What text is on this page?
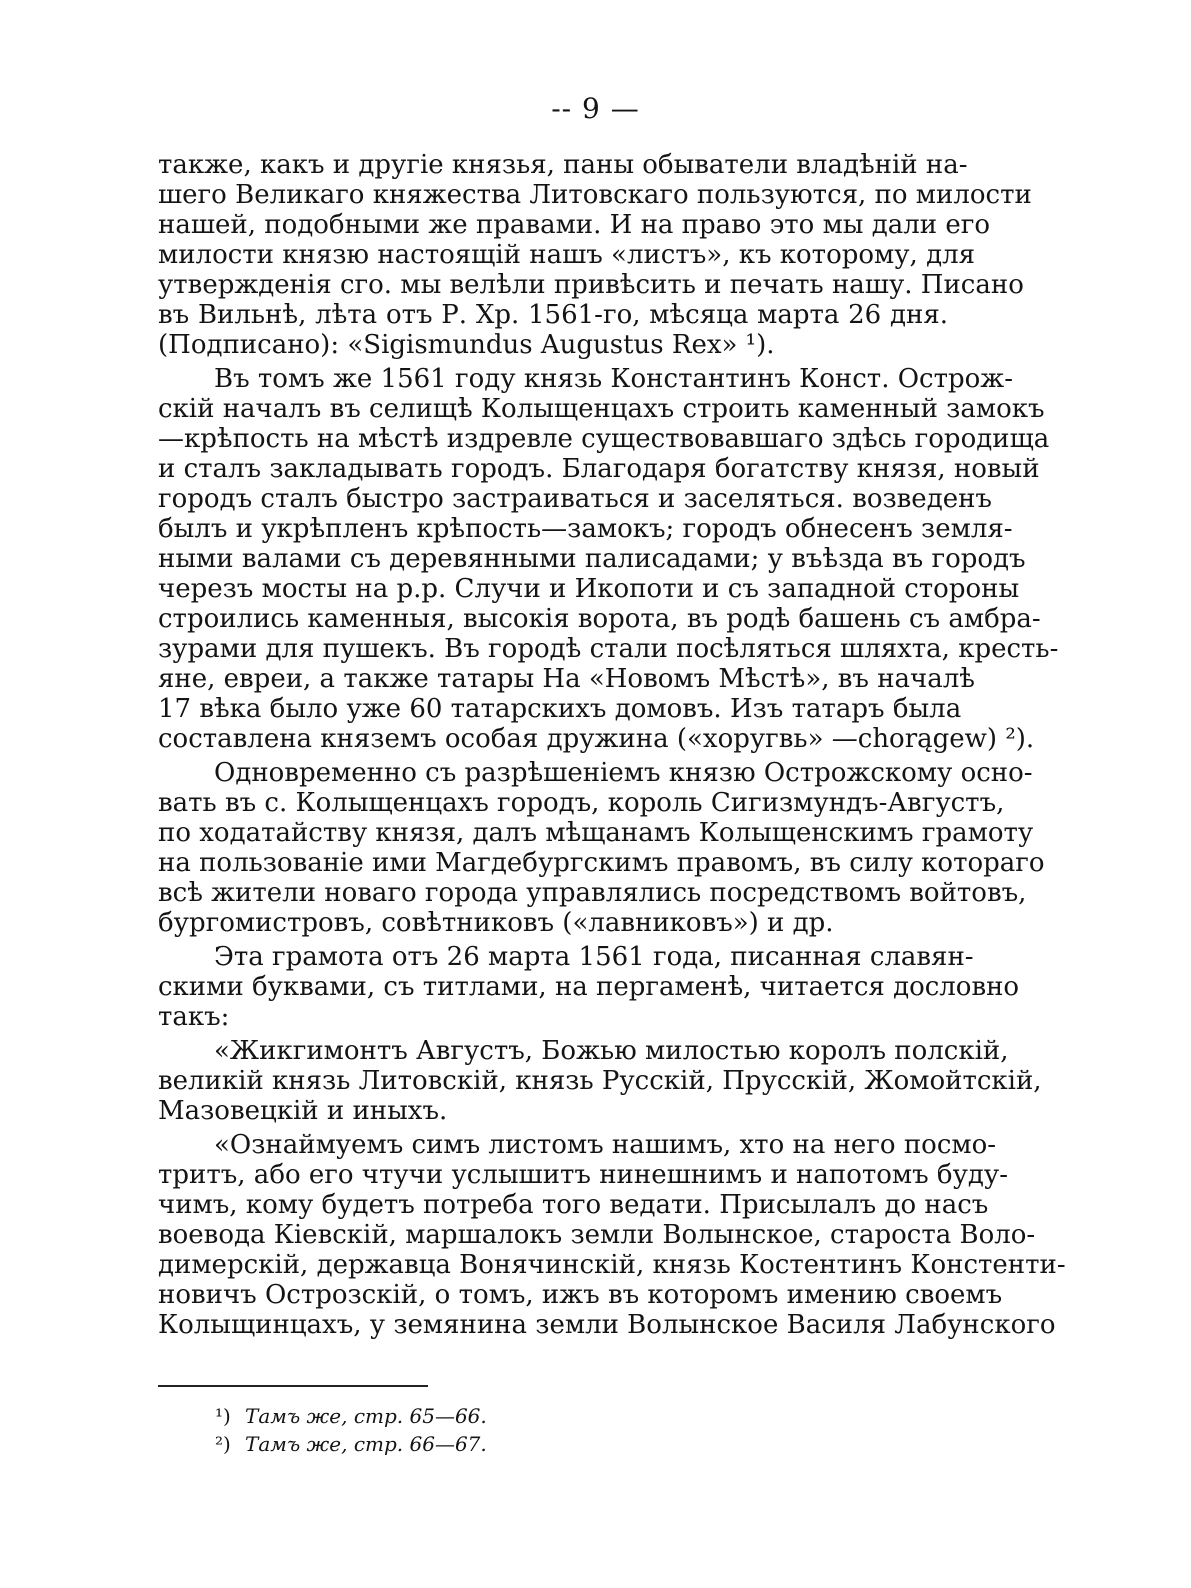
-- 9 —
также, какъ и другіе князья, паны обыватели владѣній на-
шего Великаго княжества Литовскаго пользуются, по милости
нашей, подобными же правами. И на право это мы дали его
милости князю настоящій нашъ «листъ», къ которому, для
утвержденія сго. мы велѣли привѣсить и печать нашу. Писано
въ Вильнѣ, лѣта отъ Р. Хр. 1561-го, мѣсяца марта 26 дня.
(Подписано): «Sigismundus Augustus Rex» ¹).
Въ томъ же 1561 году князь Константинъ Конст. Острож-
скій началъ въ селищѣ Колыщенцахъ строить каменный замокъ
—крѣпость на мѣстѣ издревле существовавшаго здѣсь городища
и сталъ закладывать городъ. Благодаря богатству князя, новый
городъ сталъ быстро застраиваться и заселяться. возведенъ
былъ и укрѣпленъ крѣпость—замокъ; городъ обнесенъ земля-
ными валами съ деревянными палисадами; у въѣзда въ городъ
черезъ мосты на р.р. Случи и Икопоти и съ западной стороны
строились каменныя, высокія ворота, въ родѣ башень съ амбра-
зурами для пушекъ. Въ городѣ стали посѣляться шляхта, кресть-
яне, евреи, а также татары На «Новомъ Мѣстѣ», въ началѣ
17 вѣка было уже 60 татарскихъ домовъ. Изъ татаръ была
составлена княземъ особая дружина («хоругвь» —chorągew) ²).
Одновременно съ разрѣшеніемъ князю Острожскому осно-
вать въ с. Колыщенцахъ городъ, король Сигизмундъ-Августъ,
по ходатайству князя, далъ мѣщанамъ Колыщенскимъ грамоту
на пользованіе ими Магдебургскимъ правомъ, въ силу котораго
всѣ жители новаго города управлялись посредствомъ войтовъ,
бургомистровъ, совѣтниковъ («лавниковъ») и др.
Эта грамота отъ 26 марта 1561 года, писанная славян-
скими буквами, съ титлами, на пергаменѣ, читается дословно
такъ:
«Жикгимонтъ Августъ, Божью милостью королъ полскій,
великій князь Литовскій, князь Русскій, Прусскій, Жомойтскій,
Мазовецкій и иныхъ.
«Ознаймуемъ симъ листомъ нашимъ, хто на него посмо-
тритъ, або его чтучи услышитъ нинешнимъ и напотомъ буду-
чимъ, кому будетъ потреба того ведати. Присылалъ до насъ
воевода Кіевскій, маршалокъ земли Волынское, староста Воло-
димерскій, державца Вонячинскій, князь Костентинъ Констенти-
новичъ Острозскій, о томъ, ижъ въ которомъ имению своемъ
Колыщинцахъ, у земянина земли Волынское Василя Лабунского
¹) Тамъ же, стр. 65—66.
²) Тамъ же, стр. 66—67.
